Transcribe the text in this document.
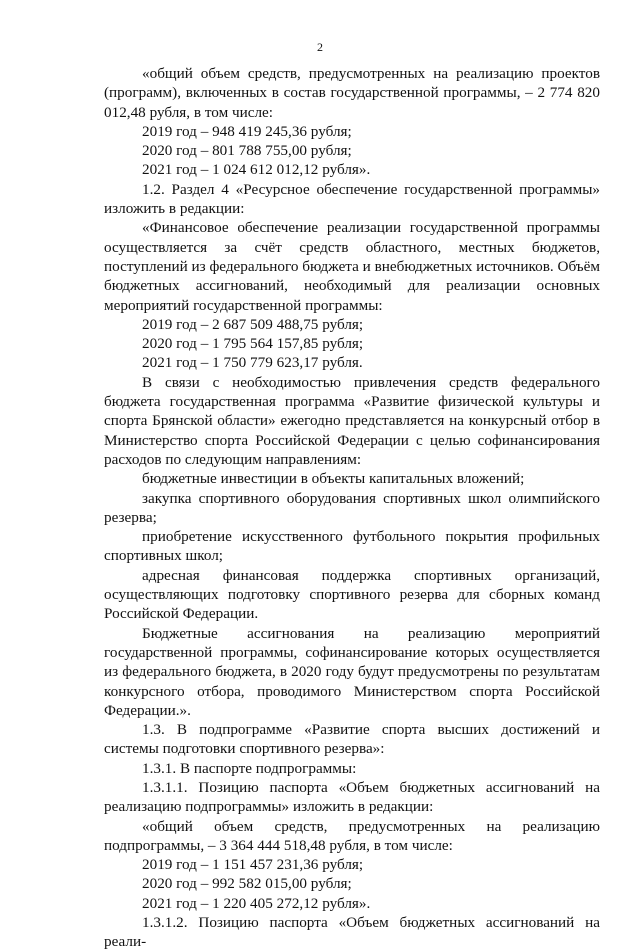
2

«общий объем средств, предусмотренных на реализацию проектов (программ), включенных в состав государственной программы, – 2 774 820 012,48 рубля, в том числе:

2019 год – 948 419 245,36 рубля;

2020 год – 801 788 755,00 рубля;

2021 год – 1 024 612 012,12 рубля».

1.2. Раздел 4 «Ресурсное обеспечение государственной программы» изложить в редакции:

«Финансовое обеспечение реализации государственной программы осуществляется за счёт средств областного, местных бюджетов, поступлений из федерального бюджета и внебюджетных источников. Объём бюджетных ассигнований, необходимый для реализации основных мероприятий государственной программы:

2019 год – 2 687 509 488,75 рубля;

2020 год – 1 795 564 157,85 рубля;

2021 год – 1 750 779 623,17 рубля.

В связи с необходимостью привлечения средств федерального бюджета государственная программа «Развитие физической культуры и спорта Брянской области» ежегодно представляется на конкурсный отбор в Министерство спорта Российской Федерации с целью софинансирования расходов по следующим направлениям:

бюджетные инвестиции в объекты капитальных вложений;

закупка спортивного оборудования спортивных школ олимпийского резерва;

приобретение искусственного футбольного покрытия профильных спортивных школ;

адресная финансовая поддержка спортивных организаций, осуществляющих подготовку спортивного резерва для сборных команд Российской Федерации.

Бюджетные ассигнования на реализацию мероприятий государственной программы, софинансирование которых осуществляется из федерального бюджета, в 2020 году будут предусмотрены по результатам конкурсного отбора, проводимого Министерством спорта Российской Федерации.».

1.3. В подпрограмме «Развитие спорта высших достижений и системы подготовки спортивного резерва»:

1.3.1. В паспорте подпрограммы:

1.3.1.1. Позицию паспорта «Объем бюджетных ассигнований на реализацию подпрограммы» изложить в редакции:

«общий объем средств, предусмотренных на реализацию подпрограммы, – 3 364 444 518,48 рубля, в том числе:

2019 год – 1 151 457 231,36 рубля;

2020 год – 992 582 015,00 рубля;

2021 год – 1 220 405 272,12 рубля».

1.3.1.2. Позицию паспорта «Объем бюджетных ассигнований на реали-
